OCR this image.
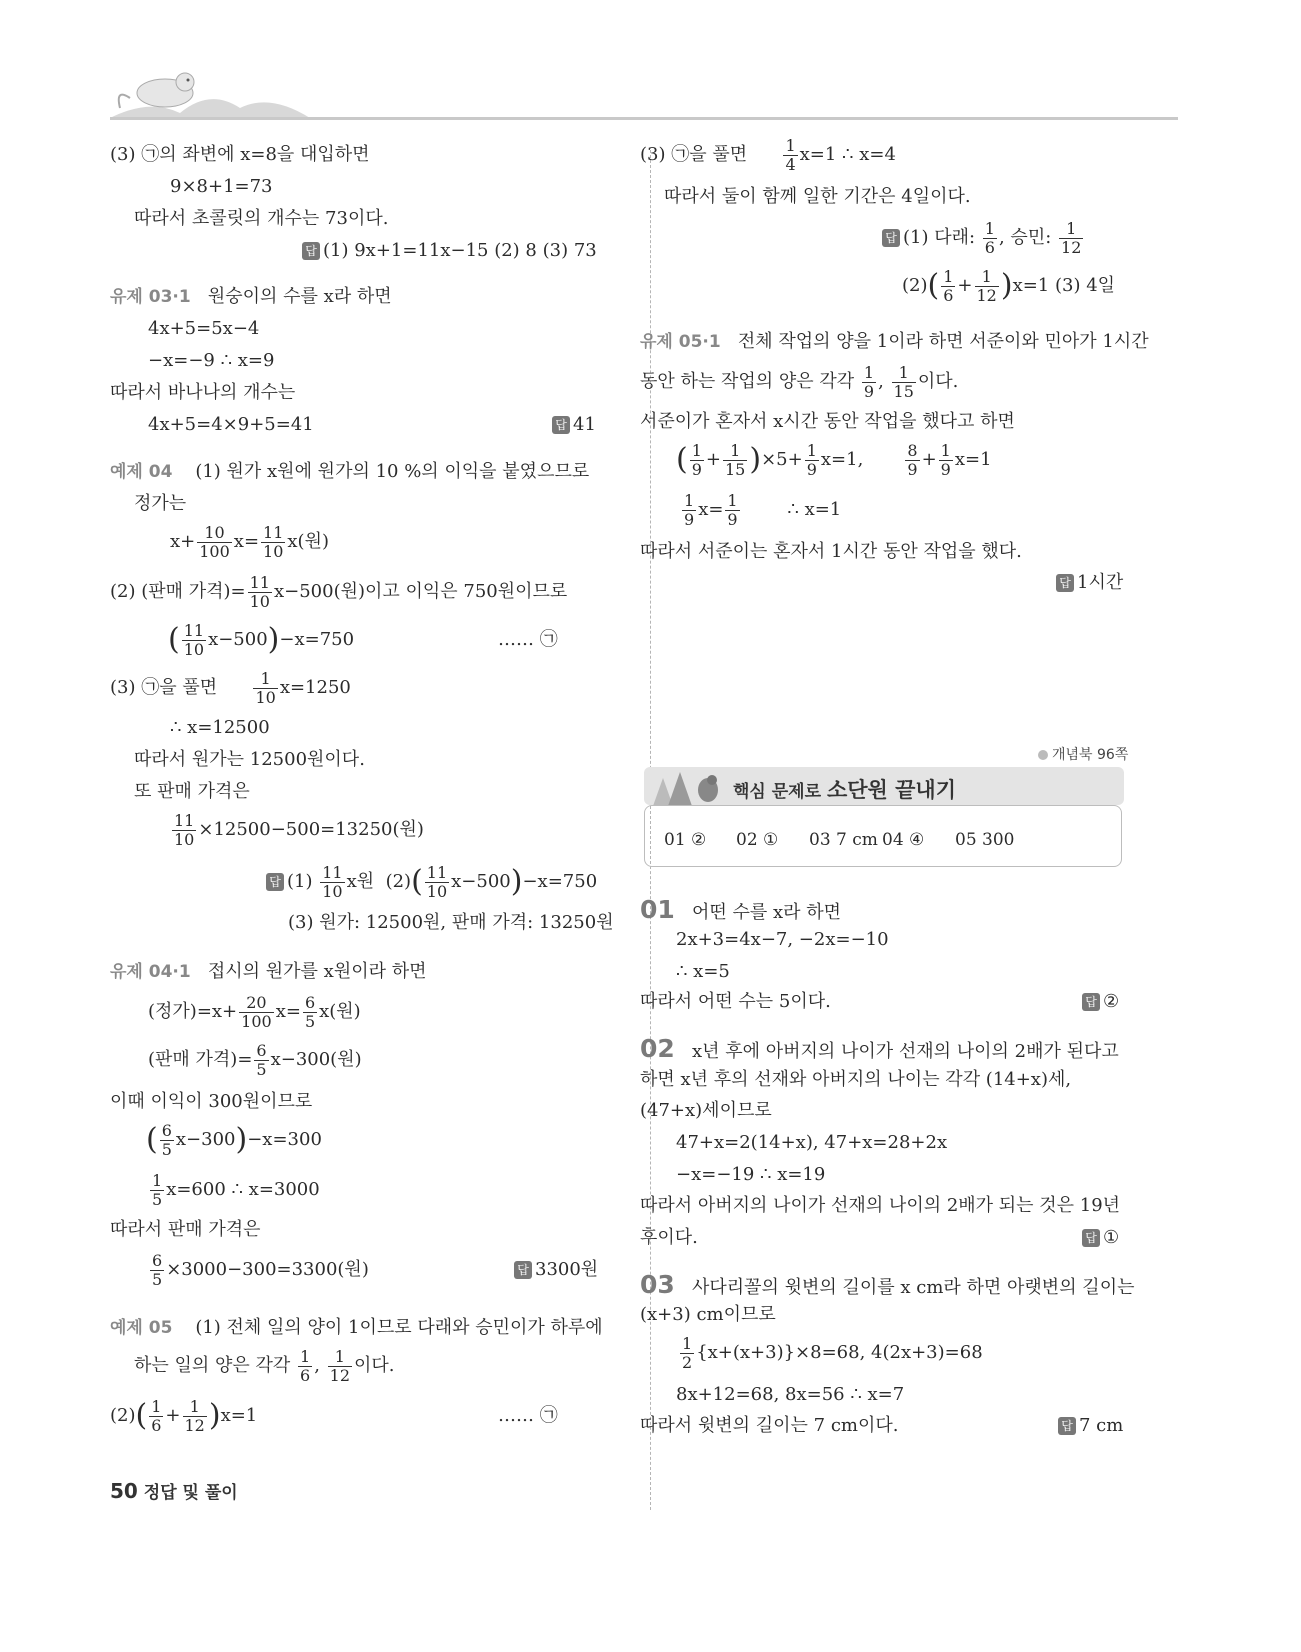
(3) ㉠의 좌변에 x=8을 대입하면
9×8+1=73
따라서 초콜릿의 개수는 73이다.
답 (1) 9x+1=11x−15 (2) 8 (3) 73
유제 03·1 원숭이의 수를 x라 하면
4x+5=5x−4
−x=−9 ∴ x=9
따라서 바나나의 개수는
4x+5=4×9+5=41	답 41
예제 04 (1) 원가 x원에 원가의 10 %의 이익을 붙였으므로
정가는
$x+ \frac{10}{100} x= \frac{11}{10} x$(원)
(2) (판매 가격)= $\frac{11}{10} x-500$(원)이고 이익은 750원이므로
( $\frac{11}{10} x-500)-x=750$	…… ㉠
(3) ㉠을 풀면 $\frac{1}{10} x=1250$
∴ x=12500
따라서 원가는 12500원이다.
또 판매 가격은
$\frac{11}{10} \times 12500-500=13250$(원)
답 $(1) \frac{11}{10}$ x원  $(2)( \frac{11}{10} x-500)-x=750$
(3) 원가: 12500원, 판매 가격: 13250원
유제 04·1 접시의 원가를 x원이라 하면
(정가)$=x+ \frac{20}{100} x= \frac{6}{5} x$(원)
(판매 가격)= $\frac{6}{5} x-300$(원)
이때 이익이 300원이므로
( $\frac{6}{5} x-300)-x=300$
$\frac{1}{5} x=600$ ∴ x=3000
따라서 판매 가격은
$\frac{6}{5} \times 3000-300=3300$(원)	답 3300원
예제 05 (1) 전체 일의 양이 1이므로 다래와 승민이가 하루에
하는 일의 양은 각각 $\frac{1}{6}$ , $\frac{1}{12}$ 이다.
$(2)( \frac{1}{6} + \frac{1}{12} )x=1$	…… ㉠
(3) ㉠을 풀면 $\frac{1}{4} x=1$ ∴ x=4
따라서 둘이 함께 일한 기간은 4일이다.
답 (1) 다래: $\frac{1}{6}$ , 승민: $\frac{1}{12}$
$(2)( \frac{1}{6} + \frac{1}{12} )x=1$ (3) 4일
유제 05·1 전체 작업의 양을 1이라 하면 서준이와 민아가 1시간
동안 하는 작업의 양은 각각 $\frac{1}{9}$ , $\frac{1}{15}$ 이다.
서준이가 혼자서 x시간 동안 작업을 했다고 하면
( $\frac{1}{9} + \frac{1}{15} )\times 5+ \frac{1}{9} x=1$,	$\frac{8}{9} + \frac{1}{9} x=1$
$\frac{1}{9} x= \frac{1}{9}$	∴ x=1
따라서 서준이는 혼자서 1시간 동안 작업을 했다.
답 1시간
개념북 96쪽
핵심 문제로 소단원 끝내기
01 ② 02 ① 03 7 cm 04 ④ 05 300
01 어떤 수를 x라 하면
2x+3=4x−7, −2x=−10
∴ x=5
따라서 어떤 수는 5이다.	답 ②
02 x년 후에 아버지의 나이가 선재의 나이의 2배가 된다고
하면 x년 후의 선재와 아버지의 나이는 각각 (14+x)세,
(47+x)세이므로
47+x=2(14+x), 47+x=28+2x
−x=−19 ∴ x=19
따라서 아버지의 나이가 선재의 나이의 2배가 되는 것은 19년
후이다.	답 ①
03 사다리꼴의 윗변의 길이를 x cm라 하면 아랫변의 길이는
(x+3) cm이므로
$\frac{1}{2} \{x+(x+3)\}\times 8=68$, 4(2x+3)=68
8x+12=68, 8x=56 ∴ x=7
따라서 윗변의 길이는 7 cm이다.	답 7 cm
50 정답 및 풀이
